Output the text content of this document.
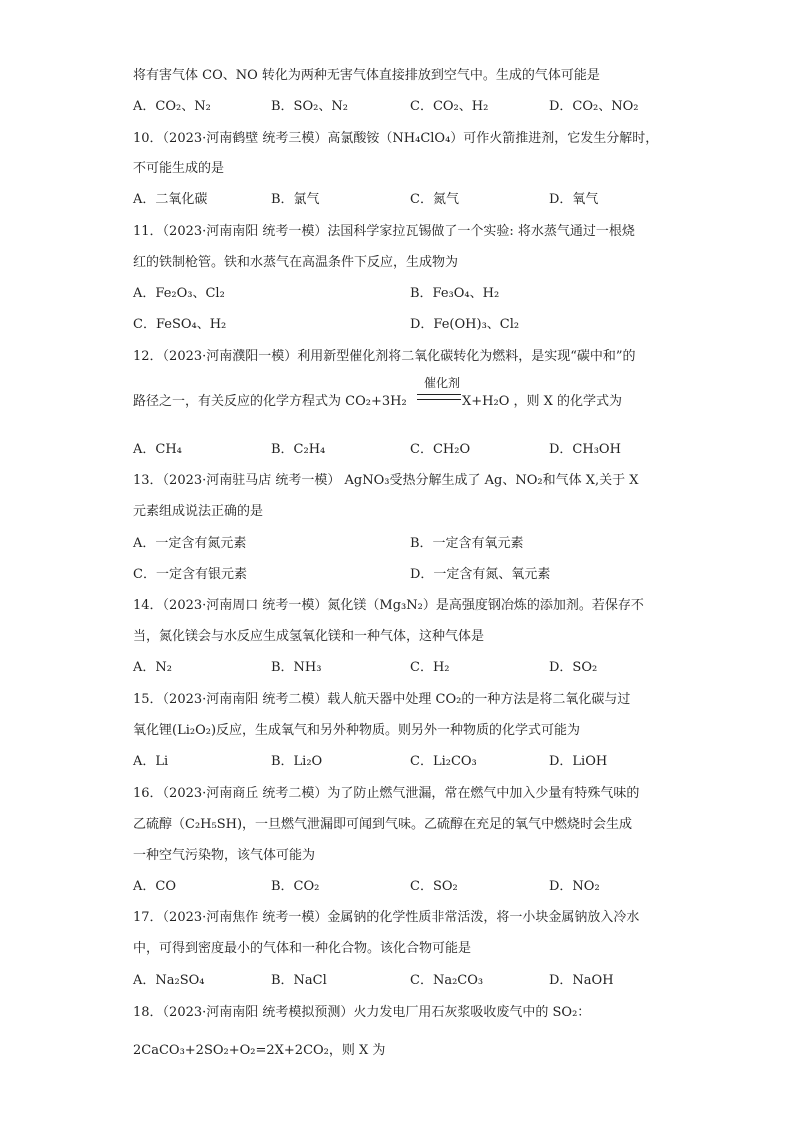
将有害气体 CO、NO 转化为两种无害气体直接排放到空气中。生成的气体可能是
A．CO₂、N₂	B．SO₂、N₂	C．CO₂、H₂	D．CO₂、NO₂
10．（2023·河南鹤壁 统考三模）高氯酸铵（NH₄ClO₄）可作火箭推进剂，它发生分解时，
不可能生成的是
A．二氧化碳	B．氯气	C．氮气	D．氧气
11．（2023·河南南阳 统考一模）法国科学家拉瓦锡做了一个实验: 将水蒸气通过一根烧
红的铁制枪管。铁和水蒸气在高温条件下反应，生成物为
A．Fe₂O₃、Cl₂	B．Fe₃O₄、H₂
C．FeSO₄、H₂	D．Fe(OH)₃、Cl₂
12．（2023·河南濮阳一模）利用新型催化剂将二氧化碳转化为燃料，是实现“碳中和”的
路径之一，有关反应的化学方程式为 CO₂+3H₂
催化剂
X+H₂O ，则 X 的化学式为
A．CH₄	B．C₂H₄	C．CH₂O	D．CH₃OH
13．（2023·河南驻马店 统考一模） AgNO₃受热分解生成了 Ag、NO₂和气体 X,关于 X
元素组成说法正确的是
A．一定含有氮元素	B．一定含有氧元素
C．一定含有银元素	D．一定含有氮、氧元素
14．（2023·河南周口 统考一模）氮化镁（Mg₃N₂）是高强度钢冶炼的添加剂。若保存不
当，氮化镁会与水反应生成氢氧化镁和一种气体，这种气体是
A．N₂	B．NH₃	C．H₂	D．SO₂
15．（2023·河南南阳 统考二模）载人航天器中处理 CO₂的一种方法是将二氧化碳与过
氧化锂(Li₂O₂)反应，生成氧气和另外种物质。则另外一种物质的化学式可能为
A．Li	B．Li₂O	C．Li₂CO₃	D．LiOH
16．（2023·河南商丘 统考二模）为了防止燃气泄漏，常在燃气中加入少量有特殊气味的
乙硫醇（C₂H₅SH)，一旦燃气泄漏即可闻到气味。乙硫醇在充足的氧气中燃烧时会生成
一种空气污染物，该气体可能为
A．CO	B．CO₂	C．SO₂	D．NO₂
17．（2023·河南焦作 统考一模）金属钠的化学性质非常活泼，将一小块金属钠放入冷水
中，可得到密度最小的气体和一种化合物。该化合物可能是
A．Na₂SO₄	B．NaCl	C．Na₂CO₃	D．NaOH
18．（2023·河南南阳 统考模拟预测）火力发电厂用石灰浆吸收废气中的 SO₂：
2CaCO₃+2SO₂+O₂=2X+2CO₂，则 X 为
